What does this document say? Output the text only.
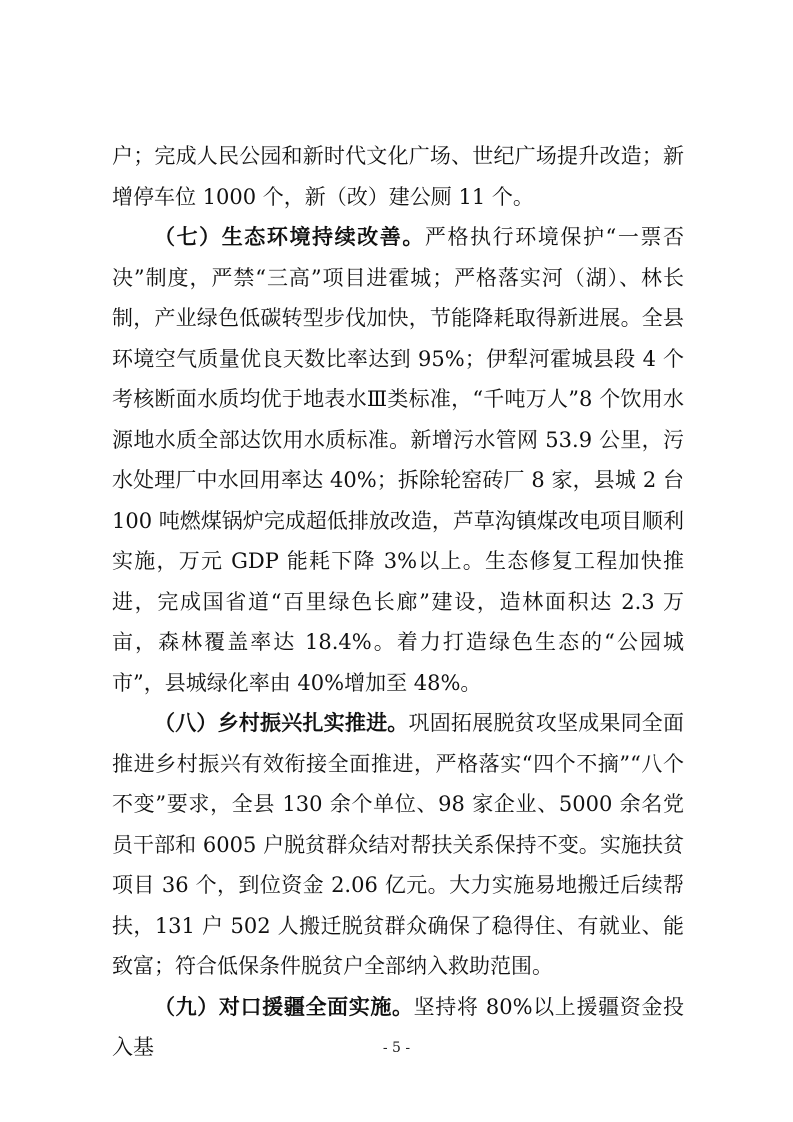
户；完成人民公园和新时代文化广场、世纪广场提升改造；新增停车位 1000 个，新（改）建公厕 11 个。

（七）生态环境持续改善。严格执行环境保护“一票否决”制度，严禁“三高”项目进霍城；严格落实河（湖）、林长制，产业绿色低碳转型步伐加快，节能降耗取得新进展。全县环境空气质量优良天数比率达到 95%；伊犁河霍城县段 4 个考核断面水质均优于地表水Ⅲ类标准，“千吨万人”8 个饮用水源地水质全部达饮用水质标准。新增污水管网 53.9 公里，污水处理厂中水回用率达 40%；拆除轮窑砖厂 8 家，县城 2 台 100 吨燃煤锅炉完成超低排放改造，芦草沟镇煤改电项目顺利实施，万元 GDP 能耗下降 3%以上。生态修复工程加快推进，完成国省道“百里绿色长廊”建设，造林面积达 2.3 万亩，森林覆盖率达 18.4%。着力打造绿色生态的“公园城市”，县城绿化率由 40%增加至 48%。

（八）乡村振兴扎实推进。巩固拓展脱贫攻坚成果同全面推进乡村振兴有效衔接全面推进，严格落实“四个不摘”“八个不变”要求，全县 130 余个单位、98 家企业、5000 余名党员干部和 6005 户脱贫群众结对帮扶关系保持不变。实施扶贫项目 36 个，到位资金 2.06 亿元。大力实施易地搬迁后续帮扶，131 户 502 人搬迁脱贫群众确保了稳得住、有就业、能致富；符合低保条件脱贫户全部纳入救助范围。

（九）对口援疆全面实施。坚持将 80%以上援疆资金投入基	- 5 -
